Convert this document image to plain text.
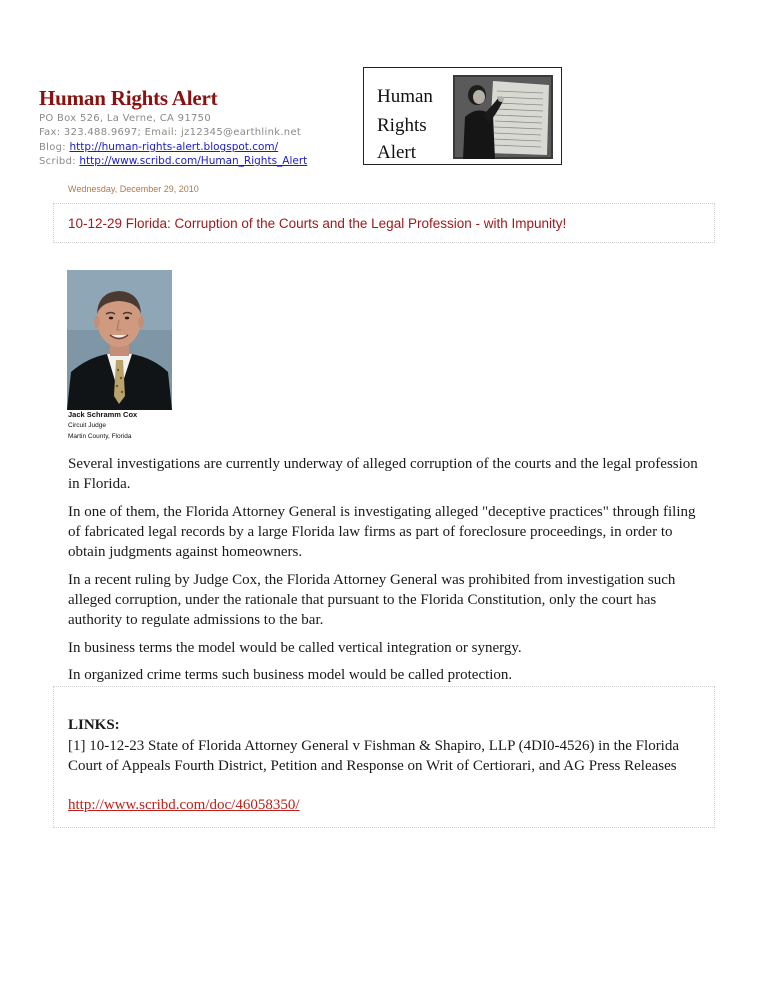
Human Rights Alert
PO Box 526, La Verne, CA 91750
Fax: 323.488.9697; Email: jz12345@earthlink.net
Blog: http://human-rights-alert.blogspot.com/
Scribd: http://www.scribd.com/Human_Rights_Alert
Human
Rights
Alert
Wednesday, December 29, 2010
10-12-29 Florida: Corruption of the Courts and the Legal Profession - with Impunity!
Jack Schramm Cox
Circuit Judge
Martin County, Florida
Several investigations are currently underway of alleged corruption of the courts and the legal profession in Florida.
In one of them, the Florida Attorney General is investigating alleged "deceptive practices" through filing of fabricated legal records by a large Florida law firms as part of foreclosure proceedings, in order to obtain judgments against homeowners.
In a recent ruling by Judge Cox, the Florida Attorney General was prohibited from investigation such alleged corruption, under the rationale that pursuant to the Florida Constitution, only the court has authority to regulate admissions to the bar.
In business terms the model would be called vertical integration or synergy.
In organized crime terms such business model would be called protection.
LINKS:
[1] 10-12-23 State of Florida Attorney General v Fishman & Shapiro, LLP (4DI0-4526) in the Florida Court of Appeals Fourth District, Petition and Response on Writ of Certiorari, and AG Press Releases
http://www.scribd.com/doc/46058350/
